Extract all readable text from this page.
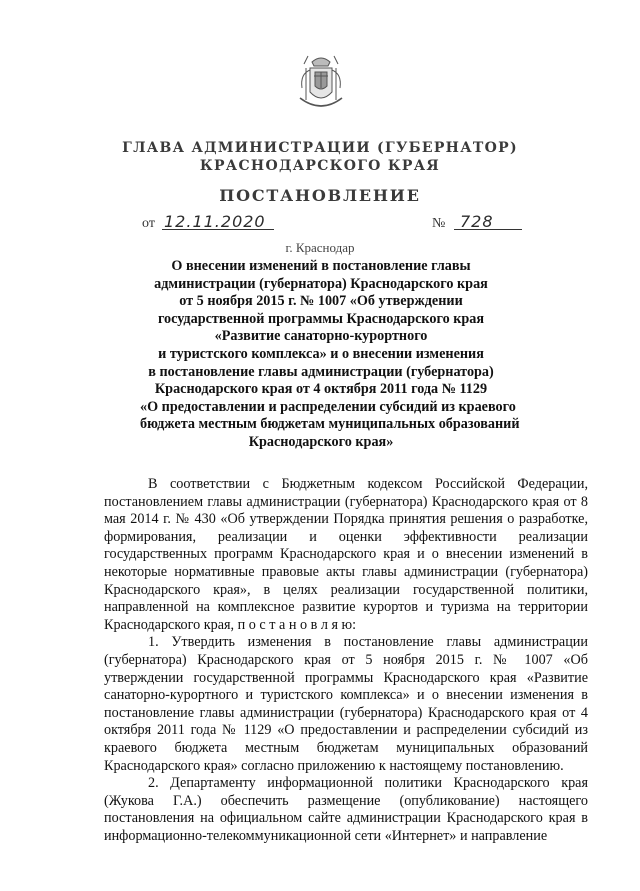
ГЛАВА АДМИНИСТРАЦИИ (ГУБЕРНАТОР)
КРАСНОДАРСКОГО КРАЯ
ПОСТАНОВЛЕНИЕ
от 12.11.2020	№ 728
г. Краснодар
О внесении изменений в постановление главы
администрации (губернатора) Краснодарского края
от 5 ноября 2015 г. № 1007 «Об утверждении
государственной программы Краснодарского края
«Развитие санаторно-курортного
и туристского комплекса» и о внесении изменения
в постановление главы администрации (губернатора)
Краснодарского края от 4 октября 2011 года № 1129
«О предоставлении и распределении субсидий из краевого
бюджета местным бюджетам муниципальных образований
Краснодарского края»

В соответствии с Бюджетным кодексом Российской Федерации, постановлением главы администрации (губернатора) Краснодарского края от 8 мая 2014 г. № 430 «Об утверждении Порядка принятия решения о разработке, формирования, реализации и оценки эффективности реализации государственных программ Краснодарского края и о внесении изменений в некоторые нормативные правовые акты главы администрации (губернатора) Краснодарского края», в целях реализации государственной политики, направленной на комплексное развитие курортов и туризма на территории Краснодарского края, п о с т а н о в л я ю:

1. Утвердить изменения в постановление главы администрации (губернатора) Краснодарского края от 5 ноября 2015 г. № 1007 «Об утверждении государственной программы Краснодарского края «Развитие санаторно-курортного и туристского комплекса» и о внесении изменения в постановление главы администрации (губернатора) Краснодарского края от 4 октября 2011 года № 1129 «О предоставлении и распределении субсидий из краевого бюджета местным бюджетам муниципальных образований Краснодарского края» согласно приложению к настоящему постановлению.

2. Департаменту информационной политики Краснодарского края (Жукова Г.А.) обеспечить размещение (опубликование) настоящего постановления на официальном сайте администрации Краснодарского края в информационно-телекоммуникационной сети «Интернет» и направление
